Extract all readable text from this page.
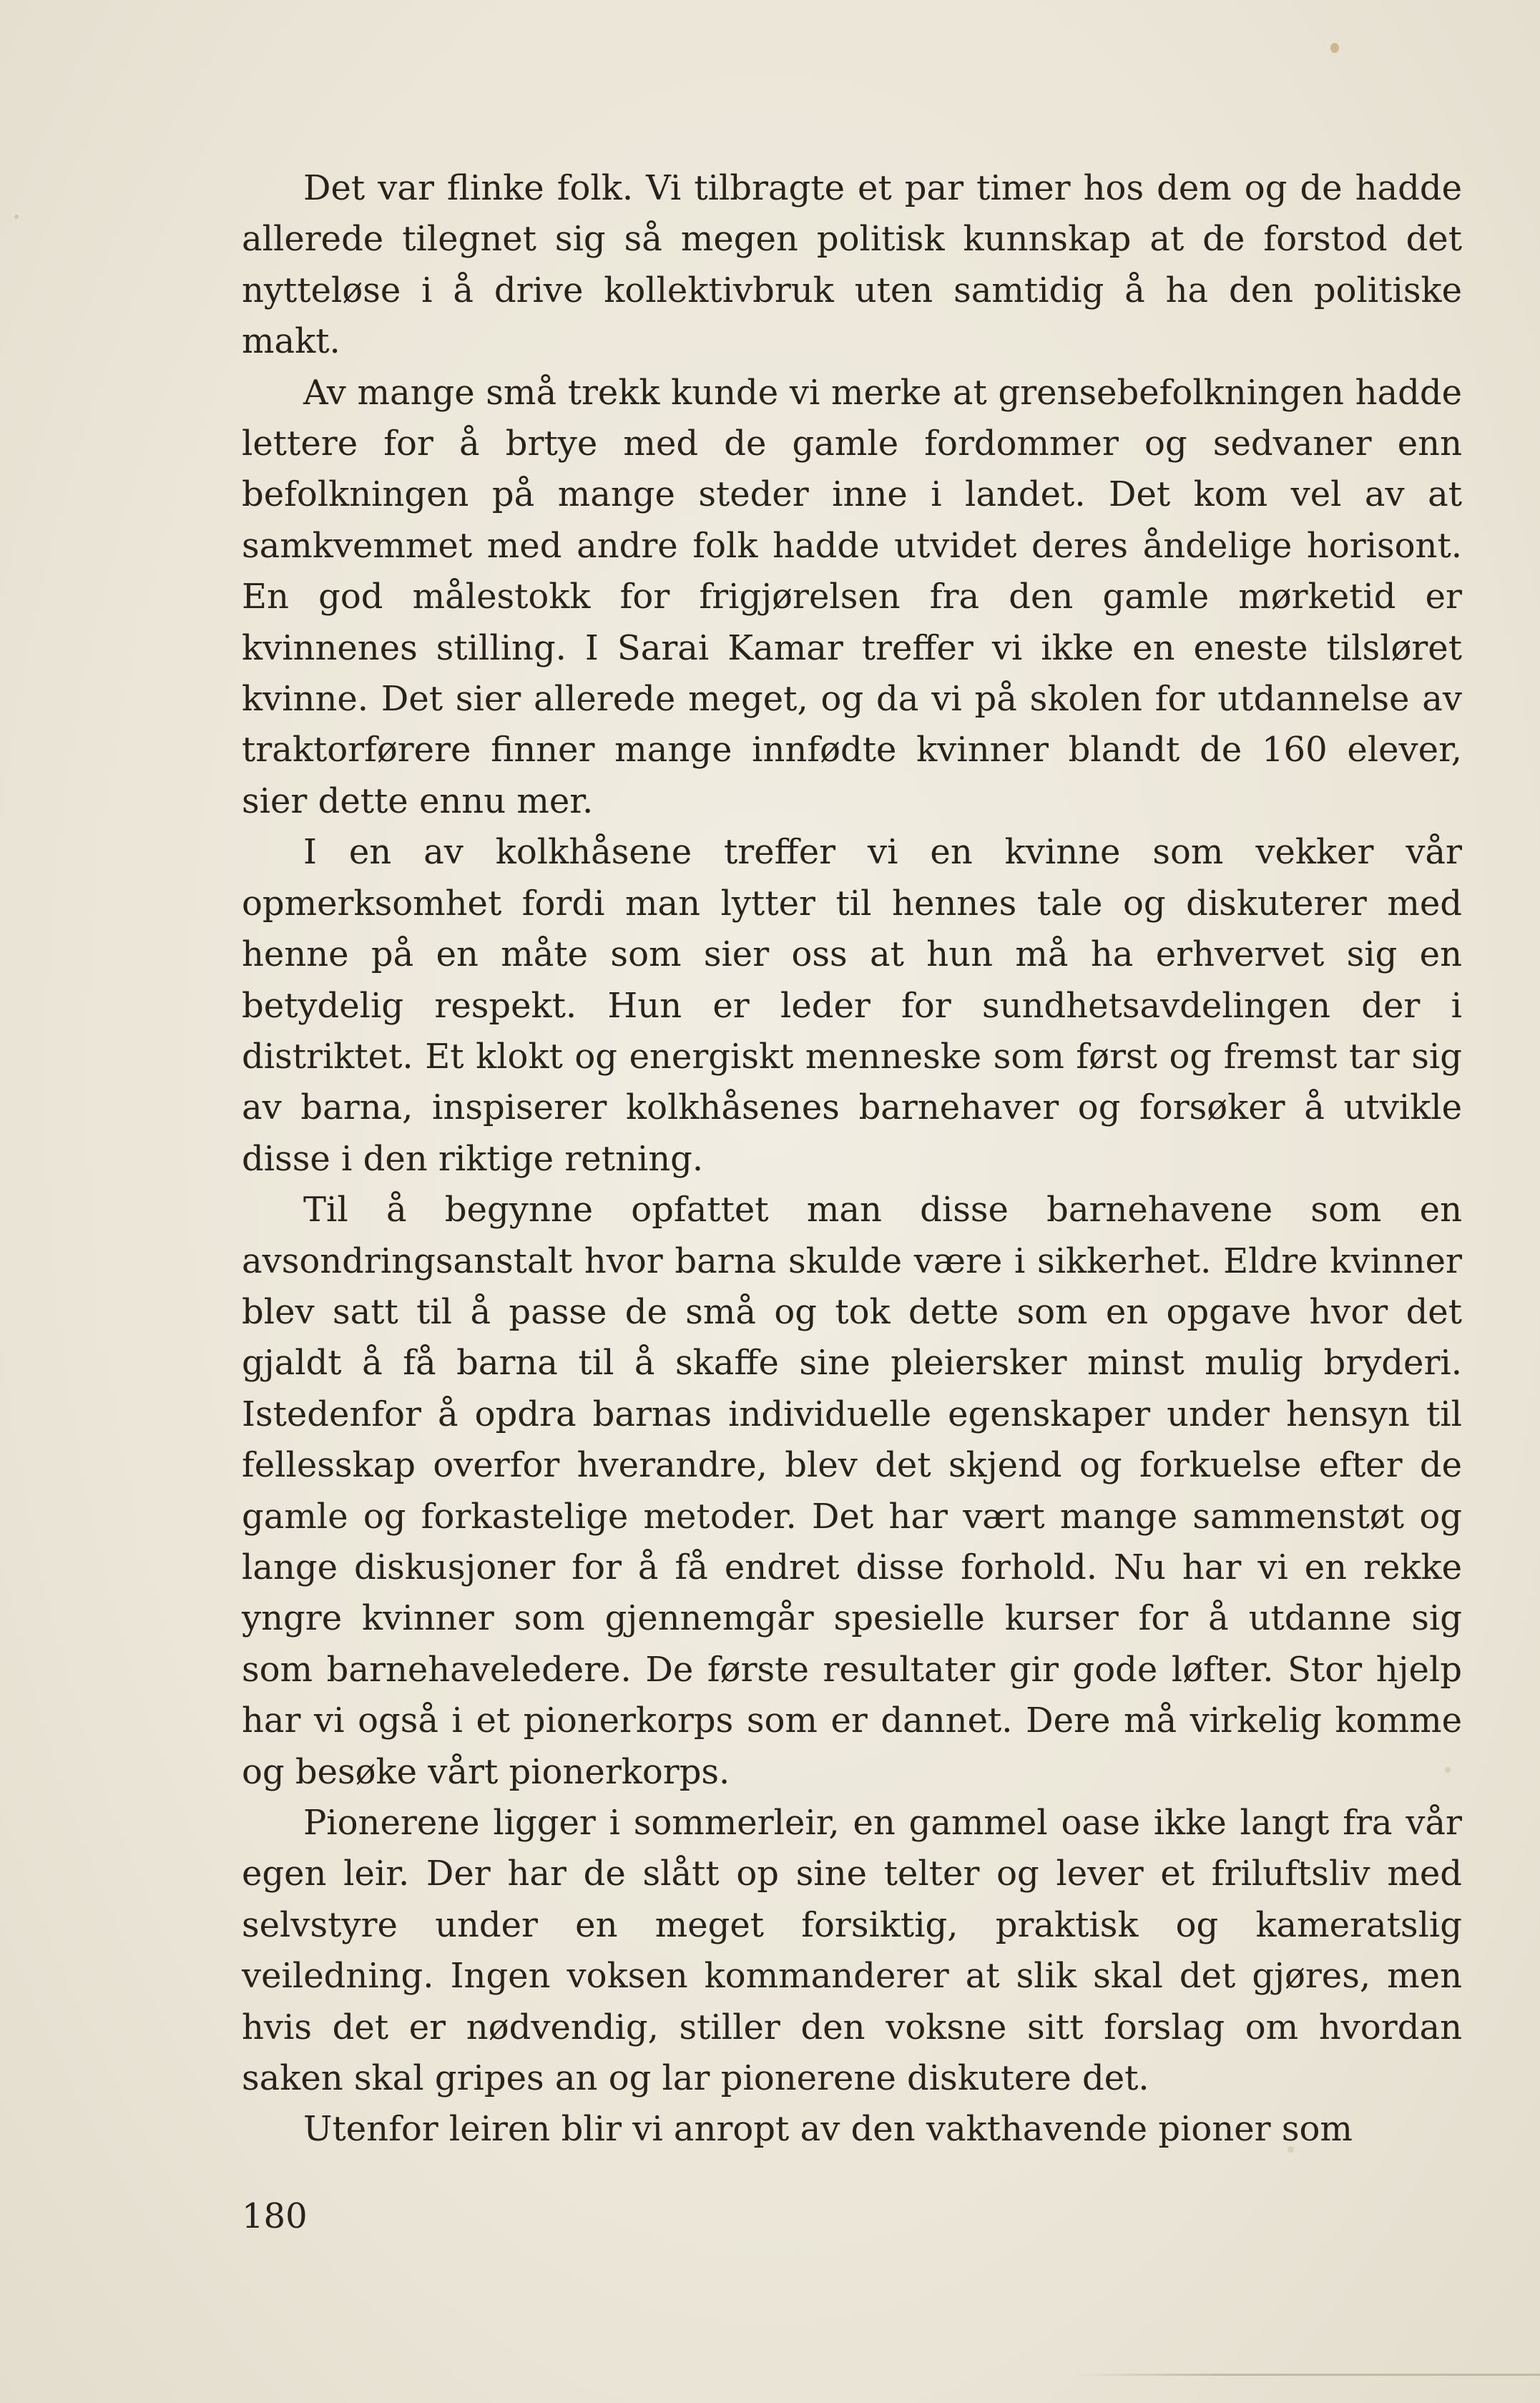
Det var flinke folk. Vi tilbragte et par timer hos dem og de hadde allerede tilegnet sig så megen politisk kunnskap at de forstod det nytteløse i å drive kollektivbruk uten samtidig å ha den politiske makt.

Av mange små trekk kunde vi merke at grensebefolkningen hadde lettere for å brtye med de gamle fordommer og sedvaner enn befolkningen på mange steder inne i landet. Det kom vel av at samkvemmet med andre folk hadde utvidet deres åndelige horisont. En god målestokk for frigjørelsen fra den gamle mørketid er kvinnenes stilling. I Sarai Kamar treffer vi ikke en eneste tilsløret kvinne. Det sier allerede meget, og da vi på skolen for utdannelse av traktorførere finner mange innfødte kvinner blandt de 160 elever, sier dette ennu mer.

I en av kolkhåsene treffer vi en kvinne som vekker vår opmerksomhet fordi man lytter til hennes tale og diskuterer med henne på en måte som sier oss at hun må ha erhvervet sig en betydelig respekt. Hun er leder for sundhetsavdelingen der i distriktet. Et klokt og energiskt menneske som først og fremst tar sig av barna, inspiserer kolkhåsenes barnehaver og forsøker å utvikle disse i den riktige retning.

Til å begynne opfattet man disse barnehavene som en avsondringsanstalt hvor barna skulde være i sikkerhet. Eldre kvinner blev satt til å passe de små og tok dette som en opgave hvor det gjaldt å få barna til å skaffe sine pleiersker minst mulig bryderi. Istedenfor å opdra barnas individuelle egenskaper under hensyn til fellesskap overfor hverandre, blev det skjend og forkuelse efter de gamle og forkastelige metoder. Det har vært mange sammenstøt og lange diskusjoner for å få endret disse forhold. Nu har vi en rekke yngre kvinner som gjennemgår spesielle kurser for å utdanne sig som barnehaveledere. De første resultater gir gode løfter. Stor hjelp har vi også i et pionerkorps som er dannet. Dere må virkelig komme og besøke vårt pionerkorps.

Pionerene ligger i sommerleir, en gammel oase ikke langt fra vår egen leir. Der har de slått op sine telter og lever et friluftsliv med selvstyre under en meget forsiktig, praktisk og kameratslig veiledning. Ingen voksen kommanderer at slik skal det gjøres, men hvis det er nødvendig, stiller den voksne sitt forslag om hvordan saken skal gripes an og lar pionerene diskutere det.

Utenfor leiren blir vi anropt av den vakthavende pioner som

180
